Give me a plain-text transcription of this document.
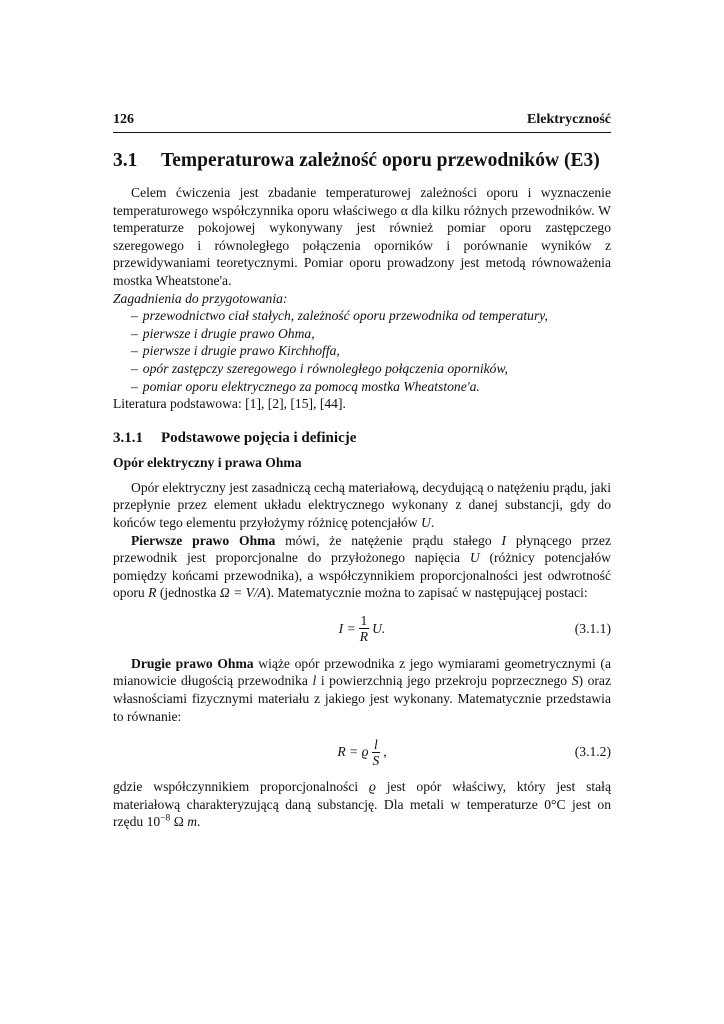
126	Elektryczność
3.1	Temperaturowa zależność oporu przewodników (E3)

Celem ćwiczenia jest zbadanie temperaturowej zależności oporu i wyznaczenie temperaturowego współczynnika oporu właściwego α dla kilku różnych przewodników. W temperaturze pokojowej wykonywany jest również pomiar oporu zastępczego szeregowego i równoległego połączenia oporników i porównanie wyników z przewidywaniami teoretycznymi. Pomiar oporu prowadzony jest metodą równoważenia mostka Wheatstone'a.

Zagadnienia do przygotowania:

– przewodnictwo ciał stałych, zależność oporu przewodnika od temperatury,
– pierwsze i drugie prawo Ohma,
– pierwsze i drugie prawo Kirchhoffa,
– opór zastępczy szeregowego i równoległego połączenia oporników,
– pomiar oporu elektrycznego za pomocą mostka Wheatstone'a.

Literatura podstawowa: [1], [2], [15], [44].

3.1.1	Podstawowe pojęcia i definicje
Opór elektryczny i prawa Ohma

Opór elektryczny jest zasadniczą cechą materiałową, decydującą o natężeniu prądu, jaki przepłynie przez element układu elektrycznego wykonany z danej substancji, gdy do końców tego elementu przyłożymy różnicę potencjałów U.

Pierwsze prawo Ohma mówi, że natężenie prądu stałego I płynącego przez przewodnik jest proporcjonalne do przyłożonego napięcia U (różnicy potencjałów pomiędzy końcami przewodnika), a współczynnikiem proporcjonalności jest odwrotność oporu R (jednostka Ω = V/A). Matematycznie można to zapisać w następującej postaci:

$I = \frac{1}{R} U$.	(3.1.1)

Drugie prawo Ohma wiąże opór przewodnika z jego wymiarami geometrycznymi (a mianowicie długością przewodnika l i powierzchnią jego przekroju poprzecznego S) oraz własnościami fizycznymi materiału z jakiego jest wykonany. Matematycznie przedstawia to równanie:

R = ϱ $\frac{l}{S}$ ,	(3.1.2)

gdzie współczynnikiem proporcjonalności ϱ jest opór właściwy, który jest stałą materiałową charakteryzującą daną substancję. Dla metali w temperaturze 0°C jest on rzędu $10^{-8}$ Ω m.
